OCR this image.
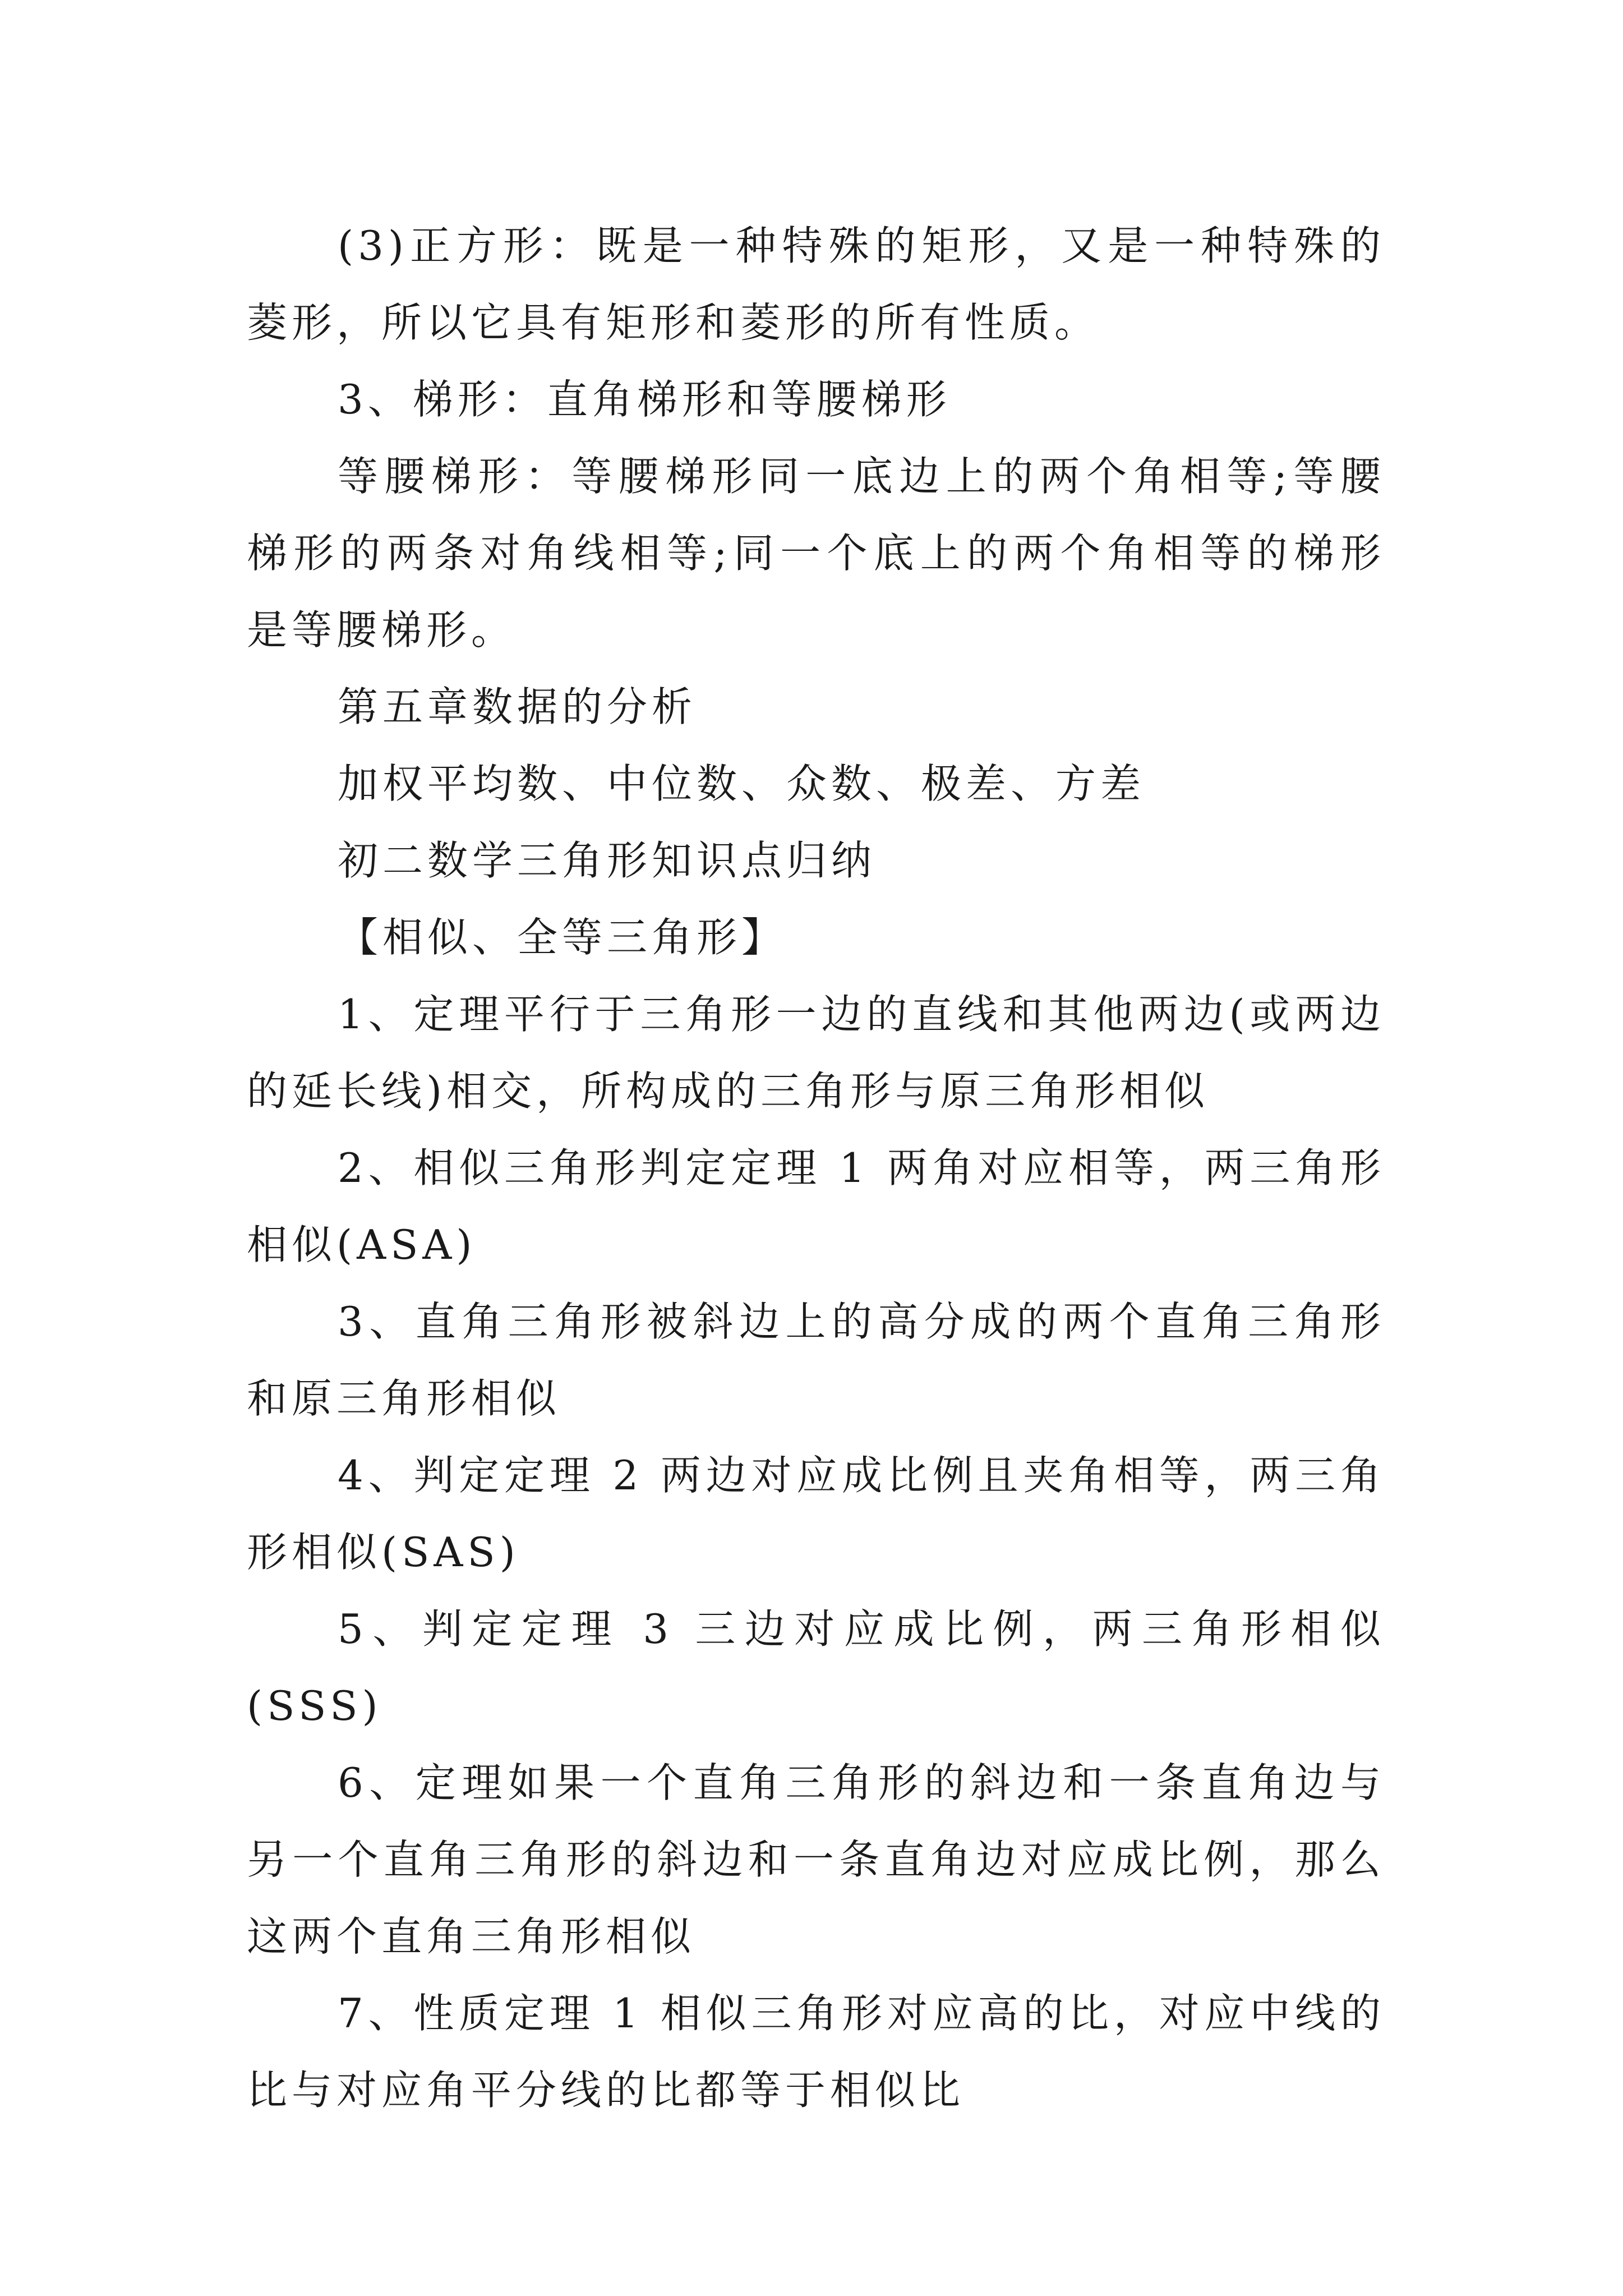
(3)正方形：既是一种特殊的矩形，又是一种特殊的菱形，所以它具有矩形和菱形的所有性质。

3、梯形：直角梯形和等腰梯形

等腰梯形：等腰梯形同一底边上的两个角相等;等腰梯形的两条对角线相等;同一个底上的两个角相等的梯形是等腰梯形。

第五章数据的分析

加权平均数、中位数、众数、极差、方差

初二数学三角形知识点归纳

【相似、全等三角形】

1、定理平行于三角形一边的直线和其他两边(或两边的延长线)相交，所构成的三角形与原三角形相似

2、相似三角形判定定理 1 两角对应相等，两三角形相似(ASA)

3、直角三角形被斜边上的高分成的两个直角三角形和原三角形相似

4、判定定理 2 两边对应成比例且夹角相等，两三角形相似(SAS)

5、判定定理 3 三边对应成比例，两三角形相似(SSS)

6、定理如果一个直角三角形的斜边和一条直角边与另一个直角三角形的斜边和一条直角边对应成比例，那么这两个直角三角形相似

7、性质定理 1 相似三角形对应高的比，对应中线的比与对应角平分线的比都等于相似比
